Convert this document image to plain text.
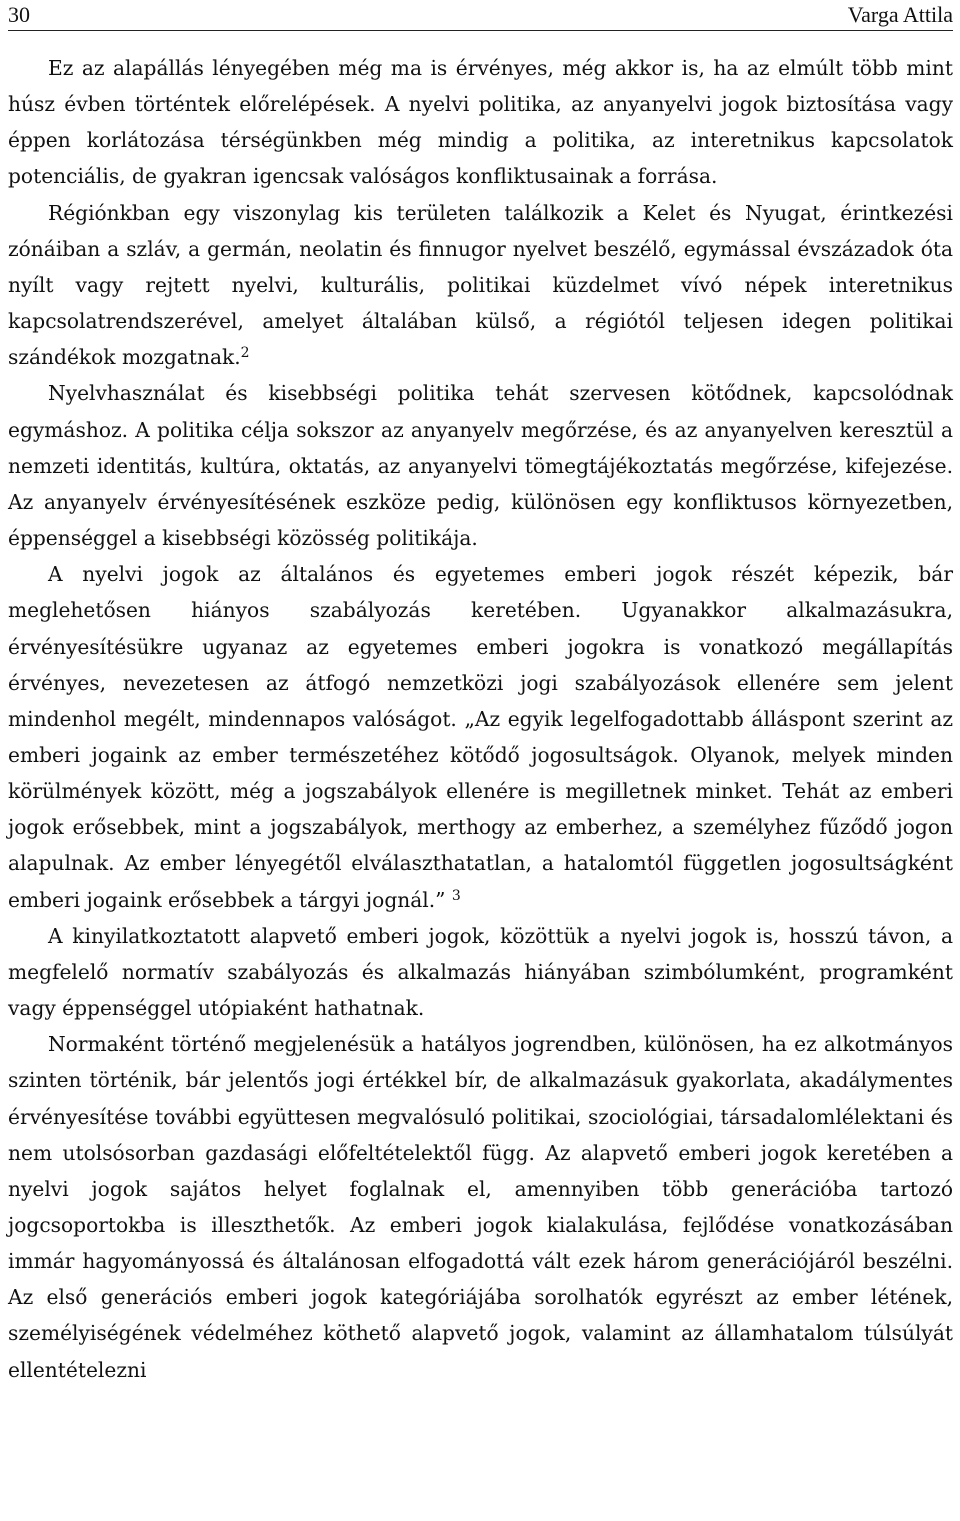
30	Varga Attila

Ez az alapállás lényegében még ma is érvényes, még akkor is, ha az elmúlt több mint húsz évben történtek előrelépések. A nyelvi politika, az anyanyelvi jogok biztosítása vagy éppen korlátozása térségünkben még mindig a politika, az interetnikus kapcsolatok potenciális, de gyakran igencsak valóságos konfliktusainak a forrása.

Régiónkban egy viszonylag kis területen találkozik a Kelet és Nyugat, érintkezési zónáiban a szláv, a germán, neolatin és finnugor nyelvet beszélő, egymással évszázadok óta nyílt vagy rejtett nyelvi, kulturális, politikai küzdelmet vívó népek interetnikus kapcsolatrendszerével, amelyet általában külső, a régiótól teljesen idegen politikai szándékok mozgatnak.$^2$

Nyelvhasználat és kisebbségi politika tehát szervesen kötődnek, kapcsolódnak egymáshoz. A politika célja sokszor az anyanyelv megőrzése, és az anyanyelven keresztül a nemzeti identitás, kultúra, oktatás, az anyanyelvi tömegtájékoztatás megőrzése, kifejezése. Az anyanyelv érvényesítésének eszköze pedig, különösen egy konfliktusos környezetben, éppenséggel a kisebbségi közösség politikája.

A nyelvi jogok az általános és egyetemes emberi jogok részét képezik, bár meglehetősen hiányos szabályozás keretében. Ugyanakkor alkalmazásukra, érvényesítésükre ugyanaz az egyetemes emberi jogokra is vonatkozó megállapítás érvényes, nevezetesen az átfogó nemzetközi jogi szabályozások ellenére sem jelent mindenhol megélt, mindennapos valóságot. „Az egyik legelfogadottabb álláspont szerint az emberi jogaink az ember természetéhez kötődő jogosultságok. Olyanok, melyek minden körülmények között, még a jogszabályok ellenére is megilletnek minket. Tehát az emberi jogok erősebbek, mint a jogszabályok, merthogy az emberhez, a személyhez fűződő jogon alapulnak. Az ember lényegétől elválaszthatatlan, a hatalomtól független jogosultságként emberi jogaink erősebbek a tárgyi jognál.” $^3$

A kinyilatkoztatott alapvető emberi jogok, közöttük a nyelvi jogok is, hosszú távon, a megfelelő normatív szabályozás és alkalmazás hiányában szimbólumként, programként vagy éppenséggel utópiaként hathatnak.

Normaként történő megjelenésük a hatályos jogrendben, különösen, ha ez alkotmányos szinten történik, bár jelentős jogi értékkel bír, de alkalmazásuk gyakorlata, akadálymentes érvényesítése további együttesen megvalósuló politikai, szociológiai, társadalomlélektani és nem utolsósorban gazdasági előfeltételektől függ. Az alapvető emberi jogok keretében a nyelvi jogok sajátos helyet foglalnak el, amennyiben több generációba tartozó jogcsoportokba is illeszthetők. Az emberi jogok kialakulása, fejlődése vonatkozásában immár hagyományossá és általánosan elfogadottá vált ezek három generációjáról beszélni. Az első generációs emberi jogok kategóriájába sorolhatók egyrészt az ember létének, személyiségének védelméhez köthető alapvető jogok, valamint az államhatalom túlsúlyát ellentételezni
